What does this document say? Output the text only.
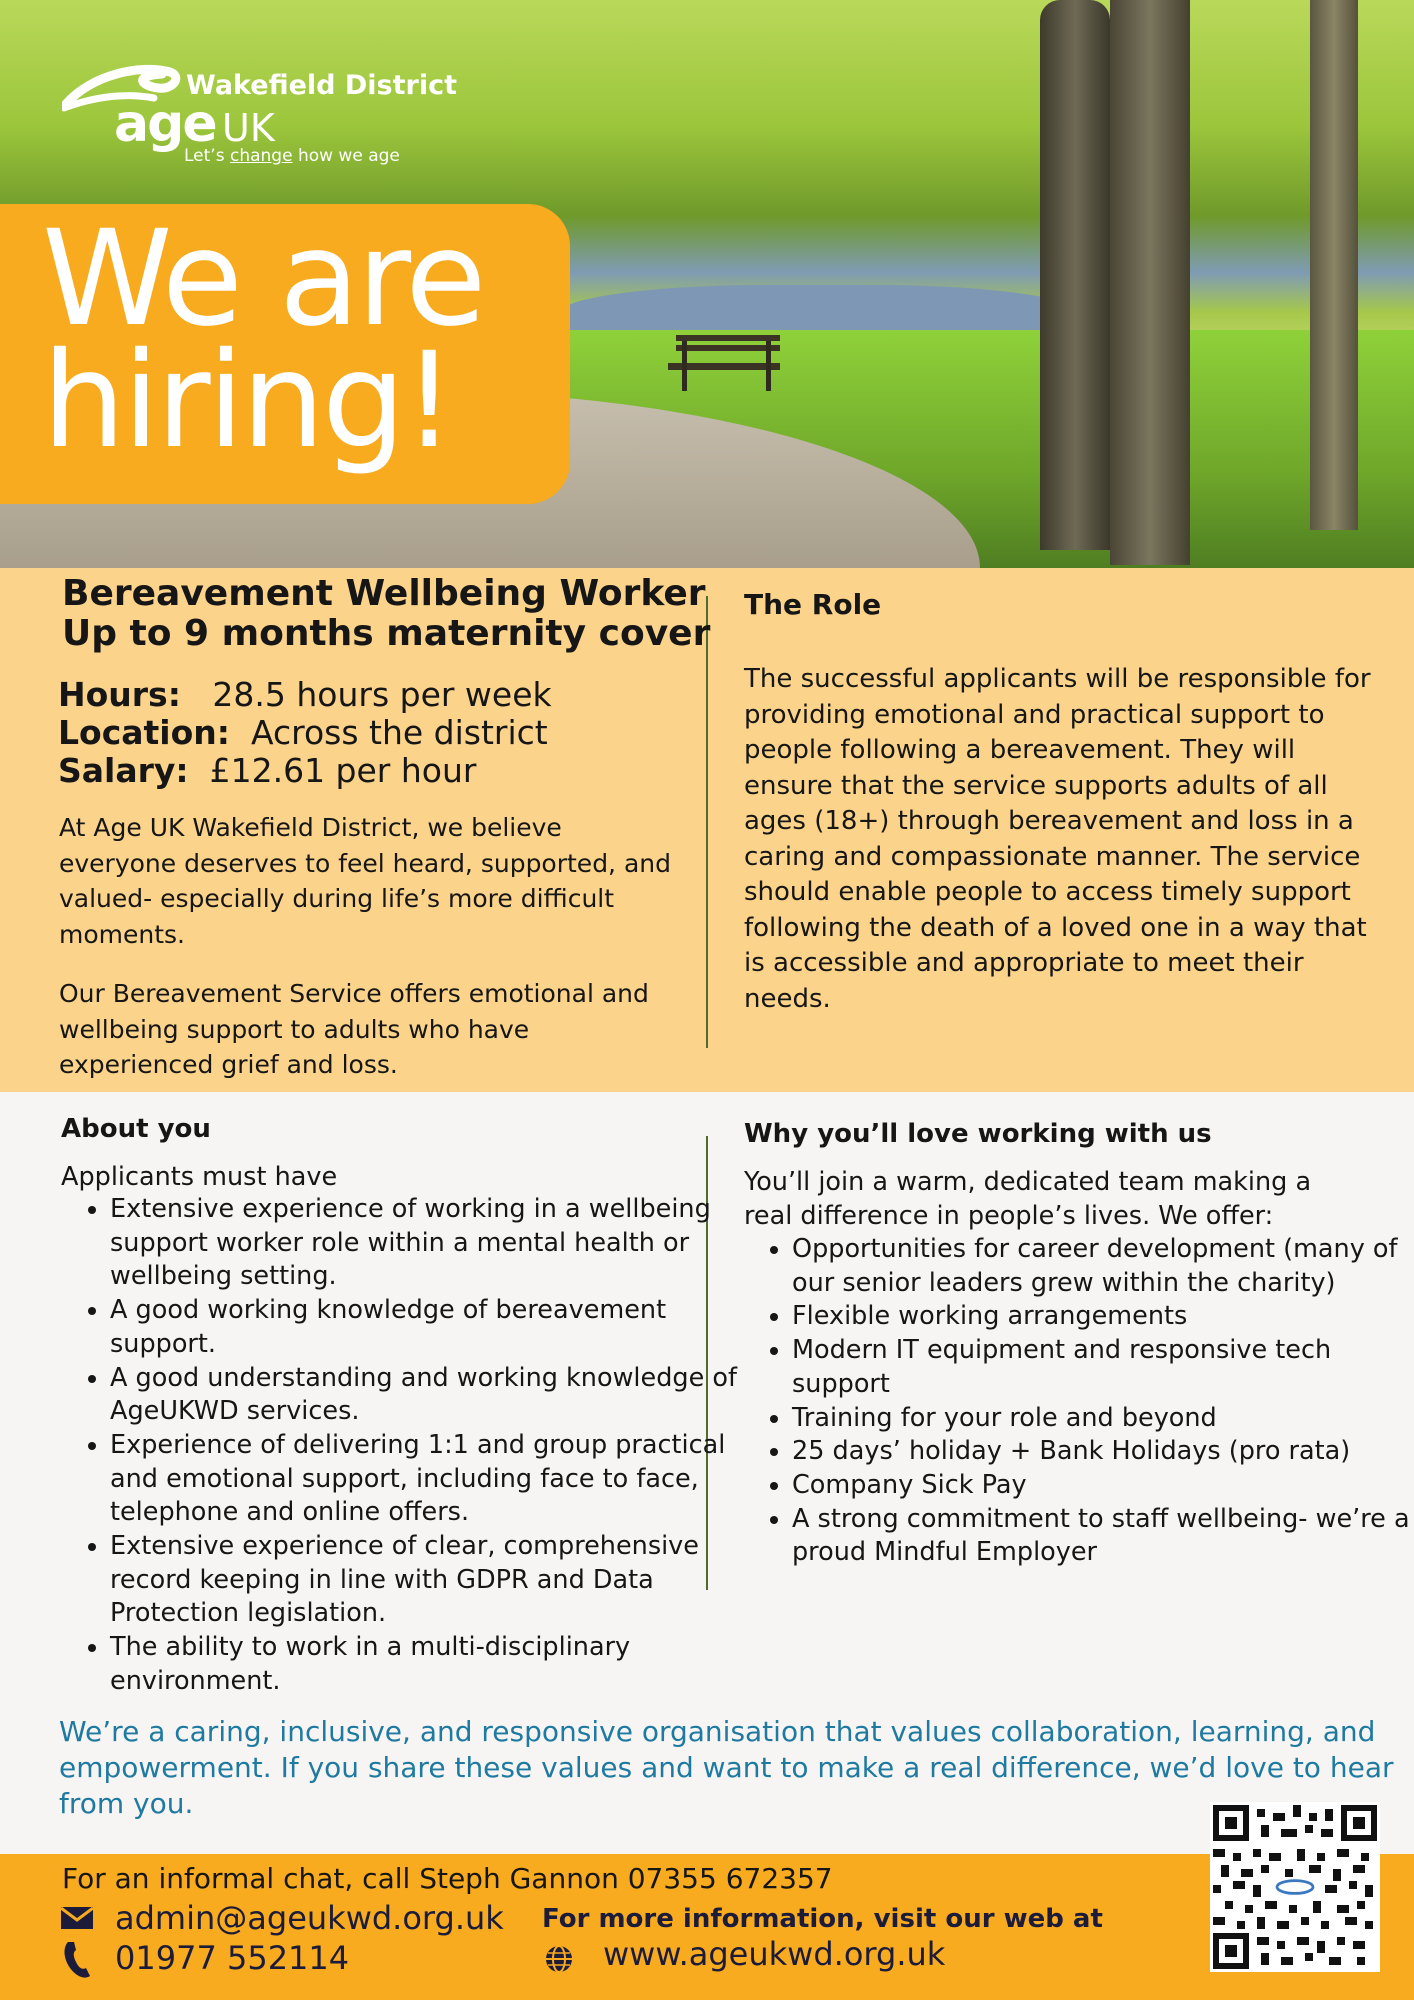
Wakefield District
age UK
Let’s change how we age
We are
hiring!
Bereavement Wellbeing Worker
Up to 9 months maternity cover
Hours: 28.5 hours per week
Location: Across the district
Salary: £12.61 per hour
At Age UK Wakefield District, we believe everyone deserves to feel heard, supported, and valued- especially during life’s more difficult moments.
Our Bereavement Service offers emotional and wellbeing support to adults who have experienced grief and loss.
The Role
The successful applicants will be responsible for providing emotional and practical support to people following a bereavement. They will ensure that the service supports adults of all ages (18+) through bereavement and loss in a caring and compassionate manner. The service should enable people to access timely support following the death of a loved one in a way that is accessible and appropriate to meet their needs.
About you
Applicants must have
• Extensive experience of working in a wellbeing support worker role within a mental health or wellbeing setting.
• A good working knowledge of bereavement support.
• A good understanding and working knowledge of AgeUKWD services.
• Experience of delivering 1:1 and group practical and emotional support, including face to face, telephone and online offers.
• Extensive experience of clear, comprehensive record keeping in line with GDPR and Data Protection legislation.
• The ability to work in a multi-disciplinary environment.
Why you’ll love working with us
You’ll join a warm, dedicated team making a real difference in people’s lives. We offer:
• Opportunities for career development (many of our senior leaders grew within the charity)
• Flexible working arrangements
• Modern IT equipment and responsive tech support
• Training for your role and beyond
• 25 days’ holiday + Bank Holidays (pro rata)
• Company Sick Pay
• A strong commitment to staff wellbeing- we’re a proud Mindful Employer
We’re a caring, inclusive, and responsive organisation that values collaboration, learning, and empowerment. If you share these values and want to make a real difference, we’d love to hear from you.
For an informal chat, call Steph Gannon 07355 672357
admin@ageukwd.org.uk
01977 552114
For more information, visit our web at
www.ageukwd.org.uk
